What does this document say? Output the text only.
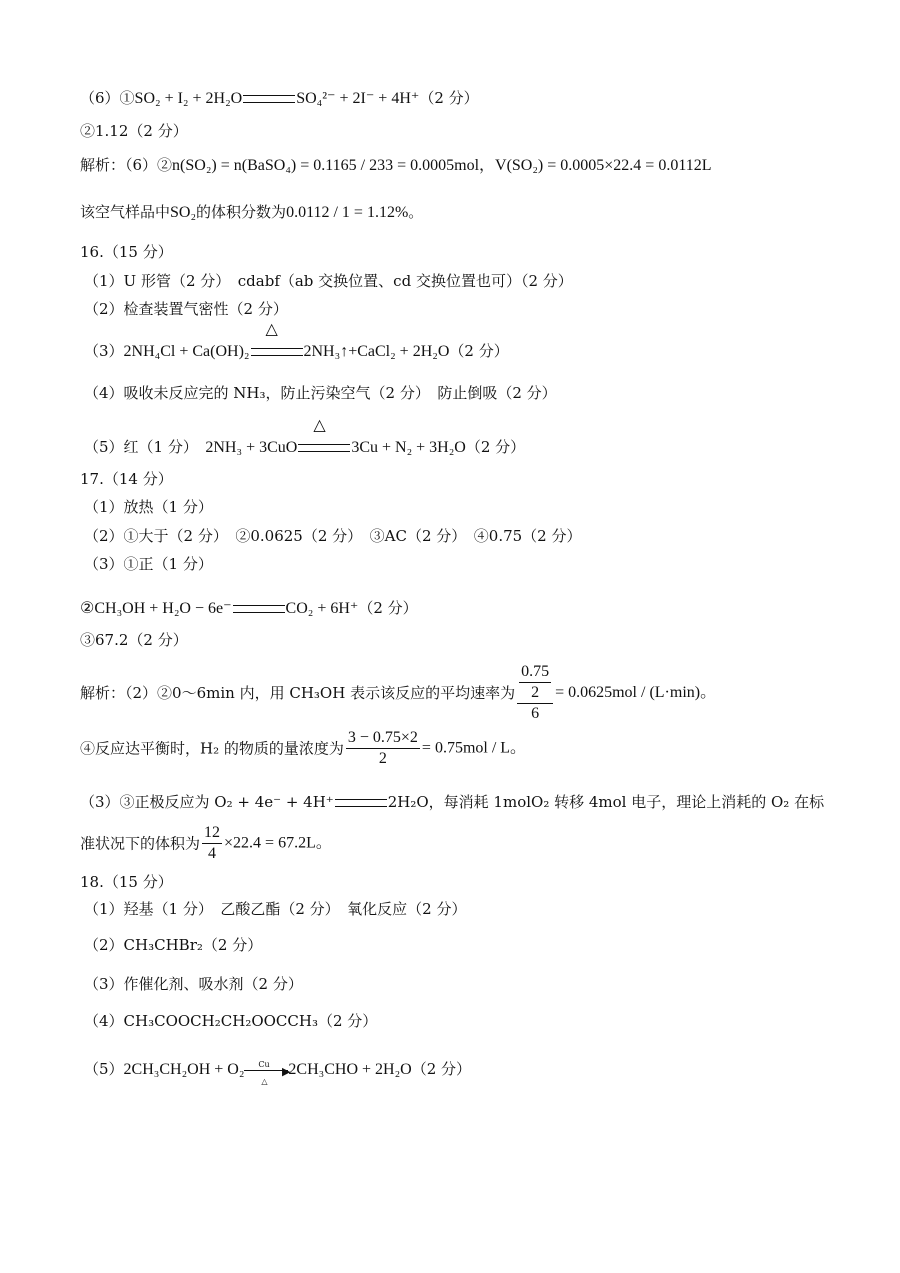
（6）①SO₂ + I₂ + 2H₂O	SO₄²⁻ + 2I⁻ + 4H⁺（2 分）
②1.12（2 分）
解析：（6）②n(SO₂) = n(BaSO₄) = 0.1165 / 233 = 0.0005mol，V(SO₂) = 0.0005×22.4 = 0.0112L
该空气样品中SO₂的体积分数为0.0112 / 1 = 1.12%。
16.（15 分）
（1）U 形管（2 分）　cdabf（ab 交换位置、cd 交换位置也可）（2 分）
（2）检查装置气密性（2 分）
（3）2NH₄Cl + Ca(OH)₂
△
2NH₃↑+CaCl₂ + 2H₂O（2 分）
（4）吸收未反应完的 NH₃，防止污染空气（2 分）　防止倒吸（2 分）
（5）红（1 分）　 2NH₃ + 3CuO
△
3Cu + N₂ + 3H₂O（2 分）
17.（14 分）
（1）放热（1 分）
（2）①大于（2 分）　②0.0625（2 分）　③AC（2 分）　④0.75（2 分）
（3）①正（1 分）
②CH₃OH + H₂O − 6e⁻	CO₂ + 6H⁺（2 分）
③67.2（2 分）
解析：（2）②0～6min 内，用 CH₃OH 表示该反应的平均速率为 $\frac{\frac{0.75}{2}}{6} = 0.0625mol / (L\cdot\min)$。
④反应达平衡时，H₂ 的物质的量浓度为 $\frac{3 - 0.75\times 2}{2} = 0.75mol / L$。
（3）③正极反应为 O₂ + 4e⁻ + 4H⁺	2H₂O，每消耗 1molO₂ 转移 4mol 电子，理论上消耗的 O₂ 在标
准状况下的体积为 $\frac{12}{4} \times 22.4 = 67.2L$。
18.（15 分）
（1）羟基（1 分）　乙酸乙酯（2 分）　氧化反应（2 分）
（2）CH₃CHBr₂（2 分）
（3）作催化剂、吸水剂（2 分）
（4）CH₃COOCH₂CH₂OOCCH₃（2 分）
（5）2CH₃CH₂OH + O₂ Cu
▶
△
2CH₃CHO + 2H₂O（2 分）
